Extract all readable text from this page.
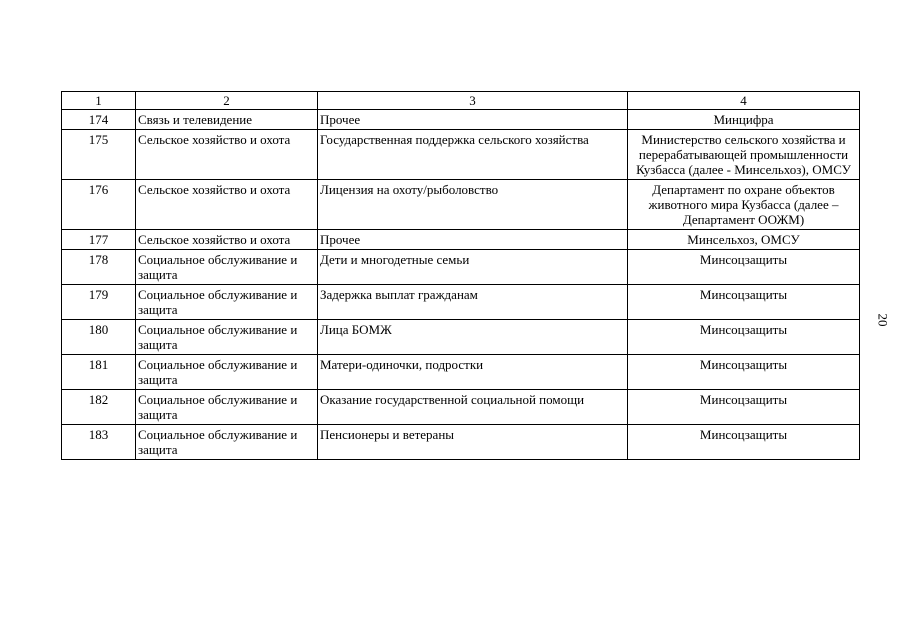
1	2	3	4
174	Связь и телевидение	Прочее	Минцифра
175	Сельское хозяйство и охота	Государственная поддержка сельского хозяйства	Министерство сельского хозяйства и перерабатывающей промышленности Кузбасса (далее - Минсельхоз), ОМСУ
176	Сельское хозяйство и охота	Лицензия на охоту/рыболовство	Департамент по охране объектов животного мира Кузбасса (далее – Департамент ООЖМ)
177	Сельское хозяйство и охота	Прочее	Минсельхоз, ОМСУ
178	Социальное обслуживание и защита	Дети и многодетные семьи	Минсоцзащиты
179	Социальное обслуживание и защита	Задержка выплат гражданам	Минсоцзащиты
180	Социальное обслуживание и защита	Лица БОМЖ	Минсоцзащиты
181	Социальное обслуживание и защита	Матери-одиночки, подростки	Минсоцзащиты
182	Социальное обслуживание и защита	Оказание государственной социальной помощи	Минсоцзащиты
183	Социальное обслуживание и защита	Пенсионеры и ветераны	Минсоцзащиты
20
